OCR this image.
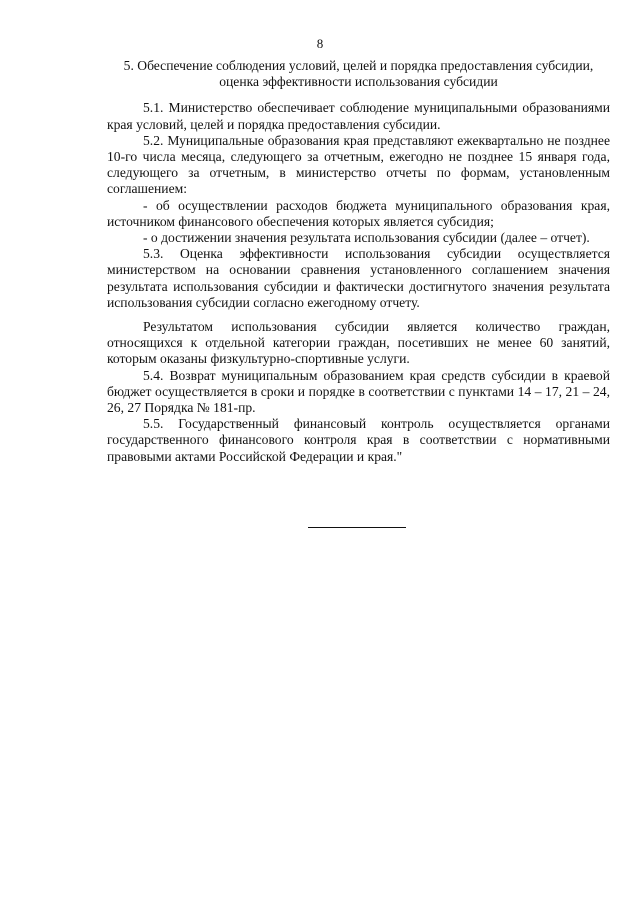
8

5. Обеспечение соблюдения условий, целей и порядка предоставления субсидии, оценка эффективности использования субсидии

5.1. Министерство обеспечивает соблюдение муниципальными образованиями края условий, целей и порядка предоставления субсидии.

5.2. Муниципальные образования края представляют ежеквартально не позднее 10-го числа месяца, следующего за отчетным, ежегодно не позднее 15 января года, следующего за отчетным, в министерство отчеты по формам, установленным соглашением:

- об осуществлении расходов бюджета муниципального образования края, источником финансового обеспечения которых является субсидия;

- о достижении значения результата использования субсидии (далее – отчет).

5.3. Оценка эффективности использования субсидии осуществляется министерством на основании сравнения установленного соглашением значения результата использования субсидии и фактически достигнутого значения результата использования субсидии согласно ежегодному отчету.

Результатом использования субсидии является количество граждан, относящихся к отдельной категории граждан, посетивших не менее 60 занятий, которым оказаны физкультурно-спортивные услуги.

5.4. Возврат муниципальным образованием края средств субсидии в краевой бюджет осуществляется в сроки и порядке в соответствии с пунктами 14 – 17, 21 – 24, 26, 27 Порядка № 181-пр.

5.5. Государственный финансовый контроль осуществляется органами государственного финансового контроля края в соответствии с нормативными правовыми актами Российской Федерации и края."
